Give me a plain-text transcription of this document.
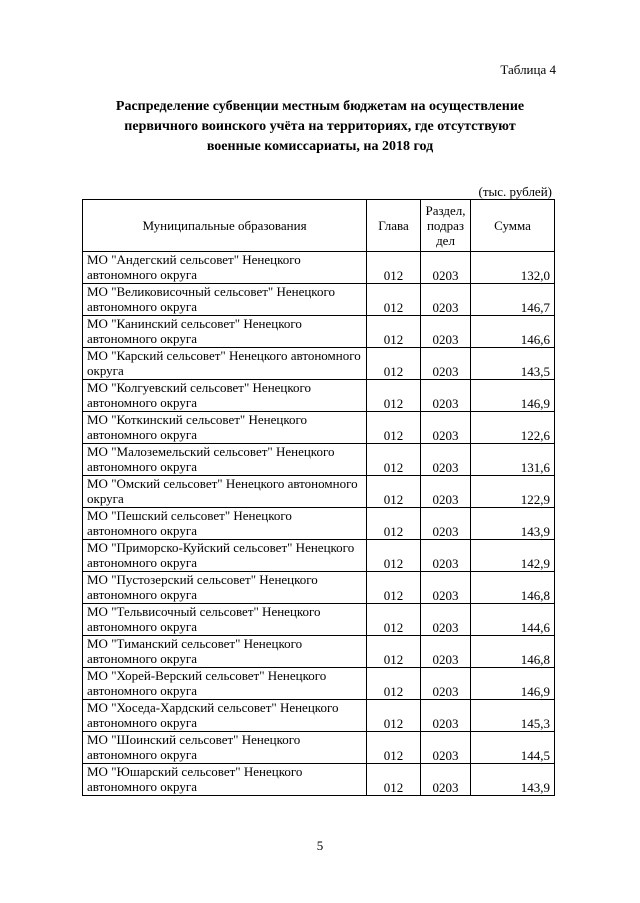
Таблица 4
Распределение субвенции местным бюджетам на осуществление
первичного воинского учёта на территориях, где отсутствуют
военные комиссариаты, на 2018 год
(тыс. рублей)
Муниципальные образования	Глава	Раздел, подраз дел	Сумма
МО "Андегский сельсовет" Ненецкого автономного округа	012	0203	132,0
МО "Великовисочный сельсовет" Ненецкого автономного округа	012	0203	146,7
МО "Канинский сельсовет" Ненецкого автономного округа	012	0203	146,6
МО "Карский сельсовет" Ненецкого автономного округа	012	0203	143,5
МО "Колгуевский сельсовет" Ненецкого автономного округа	012	0203	146,9
МО "Коткинский сельсовет" Ненецкого автономного округа	012	0203	122,6
МО "Малоземельский сельсовет" Ненецкого автономного округа	012	0203	131,6
МО "Омский сельсовет" Ненецкого автономного округа	012	0203	122,9
МО "Пешский сельсовет" Ненецкого автономного округа	012	0203	143,9
МО "Приморско-Куйский сельсовет" Ненецкого автономного округа	012	0203	142,9
МО "Пустозерский сельсовет" Ненецкого автономного округа	012	0203	146,8
МО "Тельвисочный сельсовет" Ненецкого автономного округа	012	0203	144,6
МО "Тиманский сельсовет" Ненецкого автономного округа	012	0203	146,8
МО "Хорей-Верский сельсовет" Ненецкого автономного округа	012	0203	146,9
МО "Хоседа-Хардский сельсовет" Ненецкого автономного округа	012	0203	145,3
МО "Шоинский сельсовет" Ненецкого автономного округа	012	0203	144,5
МО "Юшарский сельсовет" Ненецкого автономного округа	012	0203	143,9
5
